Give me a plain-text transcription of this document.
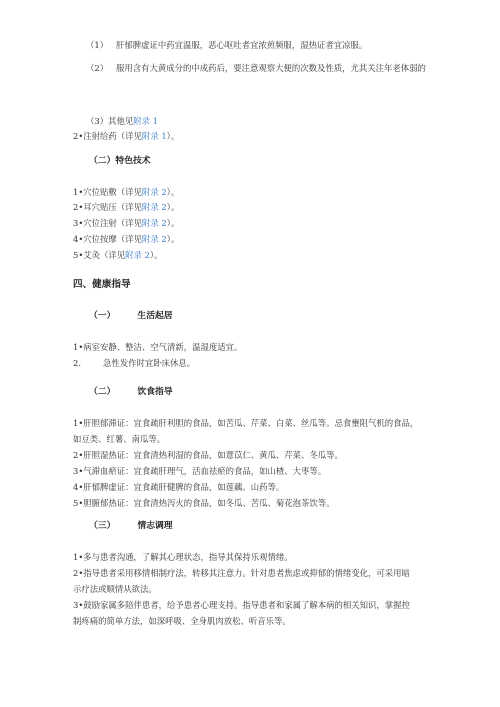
（1） 肝郁脾虚证中药宜温服，恶心呕吐者宜浓煎频服，湿热证者宜凉服。
（2） 服用含有大黄成分的中成药后，要注意观察大便的次数及性质，尤其关注年老体弱的
（3）其他见附录 1
2•注射给药（详见附录 1）。
（二）特色技术
1•穴位贴敷（详见附录 2）。
2•耳穴贴压（详见附录 2）。
3•穴位注射（详见附录 2）。
4•穴位按摩（详见附录 2）。
5•艾灸（详见附录 2）。
四、健康指导
（一）	生活起居
1•病室安静、整洁、空气清新，温湿度适宜。
2.	急性发作时宜卧床休息。
（二）	饮食指导
1•肝胆郁滞证：宜食疏肝利胆的食品，如苦瓜、芹菜、白菜、丝瓜等。忌食壅阻气机的食品，
如豆类、红薯、南瓜等。
2•肝胆湿热证：宜食清热利湿的食品，如薏苡仁、黄瓜、芹菜、冬瓜等。
3•气滞血瘀证：宜食疏肝理气，活血祛瘀的食品，如山楂、大枣等。
4•肝郁脾虚证：宜食疏肝健脾的食品，如莲藕、山药等。
5•胆腑郁热证：宜食清热泻火的食品，如冬瓜、苦瓜、菊花泡茶饮等。
（三）	情志调理
1•多与患者沟通，了解其心理状态，指导其保持乐观情绪。
2•指导患者采用移情相制疗法，转移其注意力。针对患者焦虑或抑郁的情绪变化，可采用暗
示疗法或顺情从欲法。
3•鼓励家属多陪伴患者，给予患者心理支持。指导患者和家属了解本病的相关知识，掌握控
制疼痛的简单方法，如深呼吸、全身肌肉放松、听音乐等。
